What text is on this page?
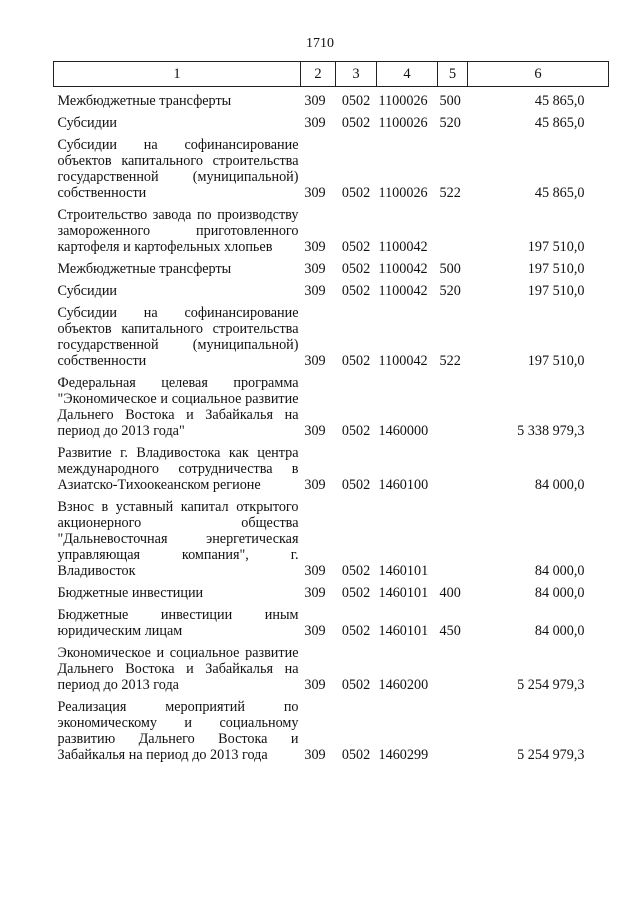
1710
1	2	3	4	5	6
Межбюджетные трансферты	309	0502	1100026	500	45 865,0
Субсидии	309	0502	1100026	520	45 865,0
Субсидии на софинансирование объектов капитального строительства государственной (муниципальной) собственности	309	0502	1100026	522	45 865,0
Строительство завода по производству замороженного приготовленного картофеля и картофельных хлопьев	309	0502	1100042		197 510,0
Межбюджетные трансферты	309	0502	1100042	500	197 510,0
Субсидии	309	0502	1100042	520	197 510,0
Субсидии на софинансирование объектов капитального строительства государственной (муниципальной) собственности	309	0502	1100042	522	197 510,0
Федеральная целевая программа "Экономическое и социальное развитие Дальнего Востока и Забайкалья на период до 2013 года"	309	0502	1460000		5 338 979,3
Развитие г. Владивостока как центра международного сотрудничества в Азиатско-Тихоокеанском регионе	309	0502	1460100		84 000,0
Взнос в уставный капитал открытого акционерного общества "Дальневосточная энергетическая управляющая компания", г. Владивосток	309	0502	1460101		84 000,0
Бюджетные инвестиции	309	0502	1460101	400	84 000,0
Бюджетные инвестиции иным юридическим лицам	309	0502	1460101	450	84 000,0
Экономическое и социальное развитие Дальнего Востока и Забайкалья на период до 2013 года	309	0502	1460200		5 254 979,3
Реализация мероприятий по экономическому и социальному развитию Дальнего Востока и Забайкалья на период до 2013 года	309	0502	1460299		5 254 979,3
